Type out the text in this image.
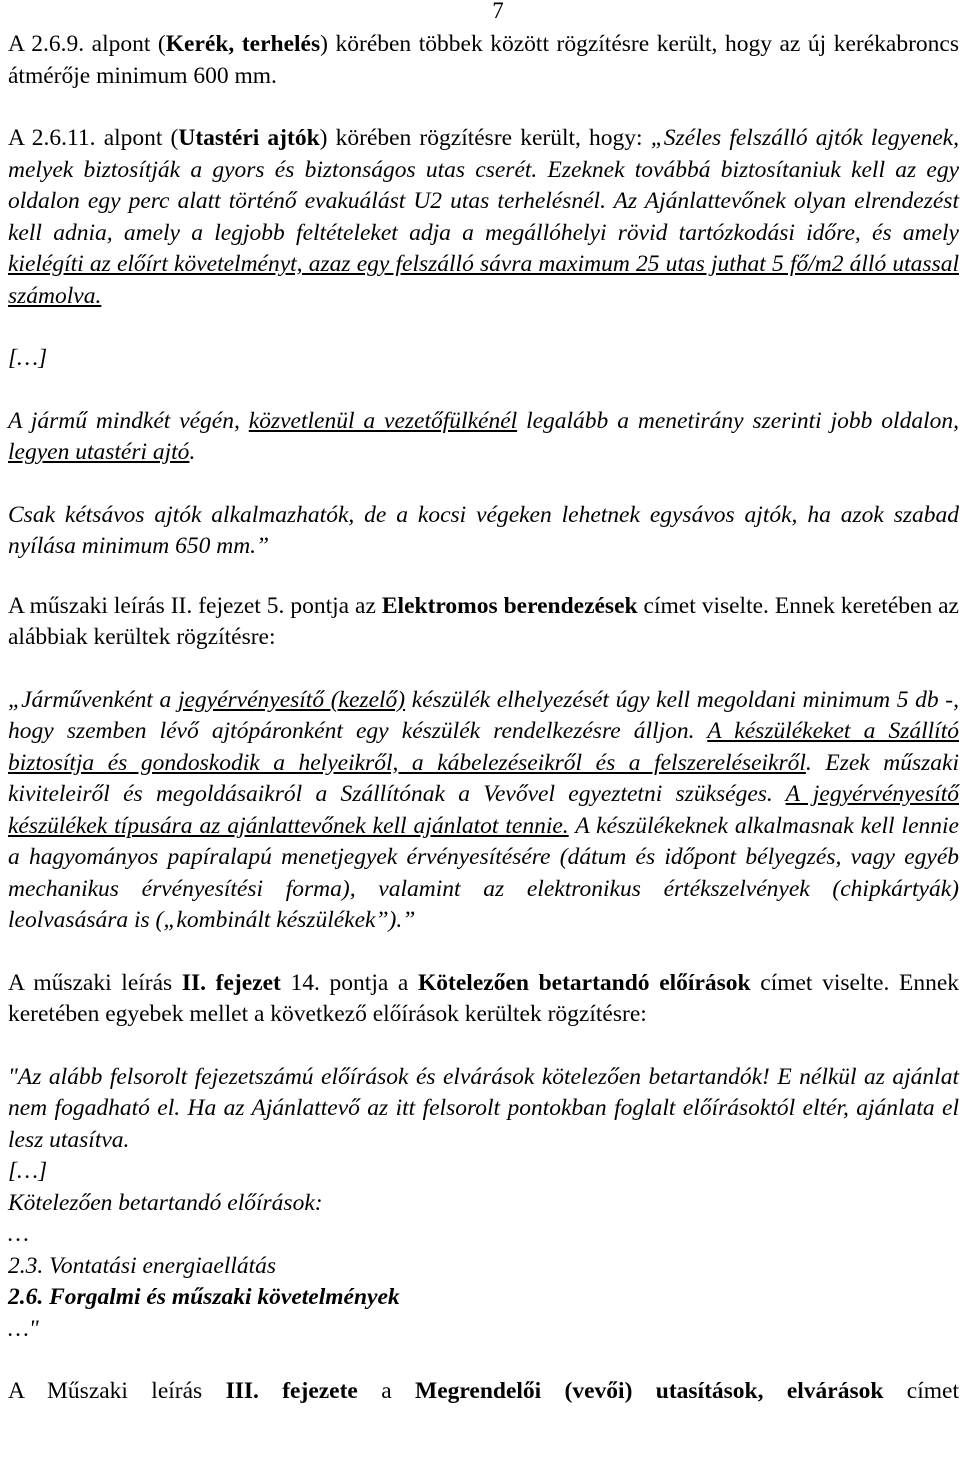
7

A 2.6.9. alpont (Kerék, terhelés) körében többek között rögzítésre került, hogy az új kerékabroncs átmérője minimum 600 mm.

A 2.6.11. alpont (Utastéri ajtók) körében rögzítésre került, hogy: „Széles felszálló ajtók legyenek, melyek biztosítják a gyors és biztonságos utas cserét. Ezeknek továbbá biztosítaniuk kell az egy oldalon egy perc alatt történő evakuálást U2 utas terhelésnél. Az Ajánlattevőnek olyan elrendezést kell adnia, amely a legjobb feltételeket adja a megállóhelyi rövid tartózkodási időre, és amely kielégíti az előírt követelményt, azaz egy felszálló sávra maximum 25 utas juthat 5 fő/m2 álló utassal számolva.

[…]

A jármű mindkét végén, közvetlenül a vezetőfülkénél legalább a menetirány szerinti jobb oldalon, legyen utastéri ajtó.

Csak kétsávos ajtók alkalmazhatók, de a kocsi végeken lehetnek egysávos ajtók, ha azok szabad nyílása minimum 650 mm.”

A műszaki leírás II. fejezet 5. pontja az Elektromos berendezések címet viselte. Ennek keretében az alábbiak kerültek rögzítésre:

„Járművenként a jegyérvényesítő (kezelő) készülék elhelyezését úgy kell megoldani minimum 5 db -, hogy szemben lévő ajtópáronként egy készülék rendelkezésre álljon. A készülékeket a Szállító biztosítja és gondoskodik a helyeikről, a kábelezéseikről és a felszereléseikről. Ezek műszaki kiviteleiről és megoldásaikról a Szállítónak a Vevővel egyeztetni szükséges. A jegyérvényesítő készülékek típusára az ajánlattevőnek kell ajánlatot tennie. A készülékeknek alkalmasnak kell lennie a hagyományos papíralapú menetjegyek érvényesítésére (dátum és időpont bélyegzés, vagy egyéb mechanikus érvényesítési forma), valamint az elektronikus értékszelvények (chipkártyák) leolvasására is („kombinált készülékek”).”

A műszaki leírás II. fejezet 14. pontja a Kötelezően betartandó előírások címet viselte. Ennek keretében egyebek mellet a következő előírások kerültek rögzítésre:

"Az alább felsorolt fejezetszámú előírások és elvárások kötelezően betartandók! E nélkül az ajánlat nem fogadható el. Ha az Ajánlattevő az itt felsorolt pontokban foglalt előírásoktól eltér, ajánlata el lesz utasítva.

[…]

Kötelezően betartandó előírások:

…

2.3. Vontatási energiaellátás

2.6. Forgalmi és műszaki követelmények

…"

A Műszaki leírás III. fejezete a Megrendelői (vevői) utasítások, elvárások címet
